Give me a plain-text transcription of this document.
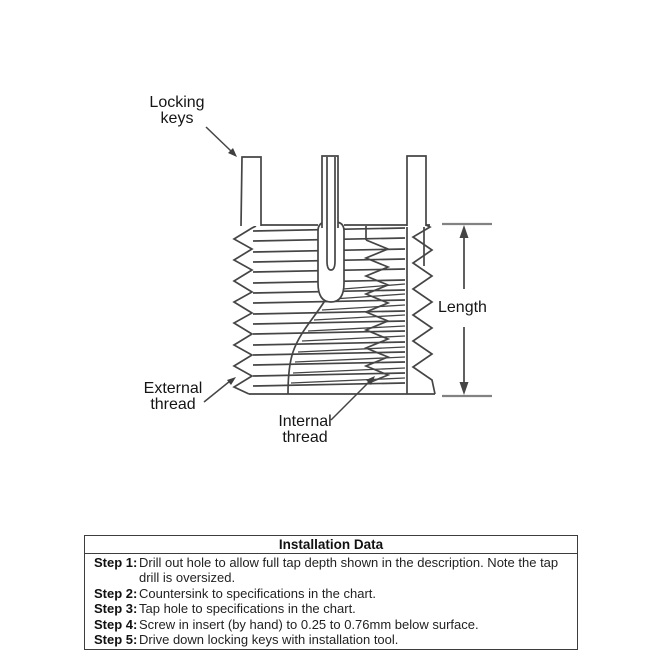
Locking
keys
External
thread
Internal
thread
Length
Installation Data
Step 1: Drill out hole to allow full tap depth shown in the description. Note the tap drill is oversized.
Step 2: Countersink to specifications in the chart.
Step 3: Tap hole to specifications in the chart.
Step 4: Screw in insert (by hand) to 0.25 to 0.76mm below surface.
Step 5: Drive down locking keys with installation tool.
